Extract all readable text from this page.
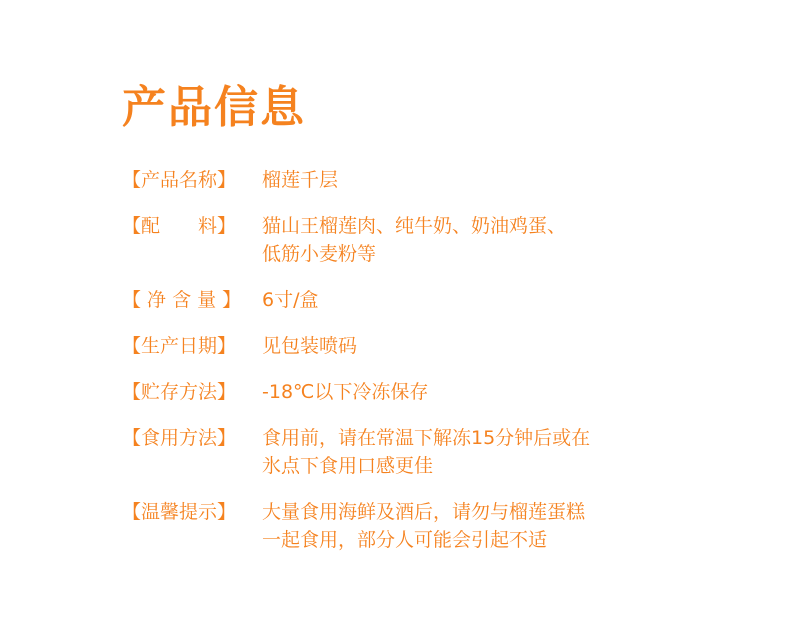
产品信息
【产品名称】	榴莲千层
【配　　料】	猫山王榴莲肉、纯牛奶、奶油鸡蛋、
低筋小麦粉等
【 净 含 量 】	6寸/盒
【生产日期】	见包装喷码
【贮存方法】	-18℃以下冷冻保存
【食用方法】	食用前，请在常温下解冻15分钟后或在
氷点下食用口感更佳
【温馨提示】	大量食用海鲜及酒后，请勿与榴莲蛋糕
一起食用，部分人可能会引起不适
